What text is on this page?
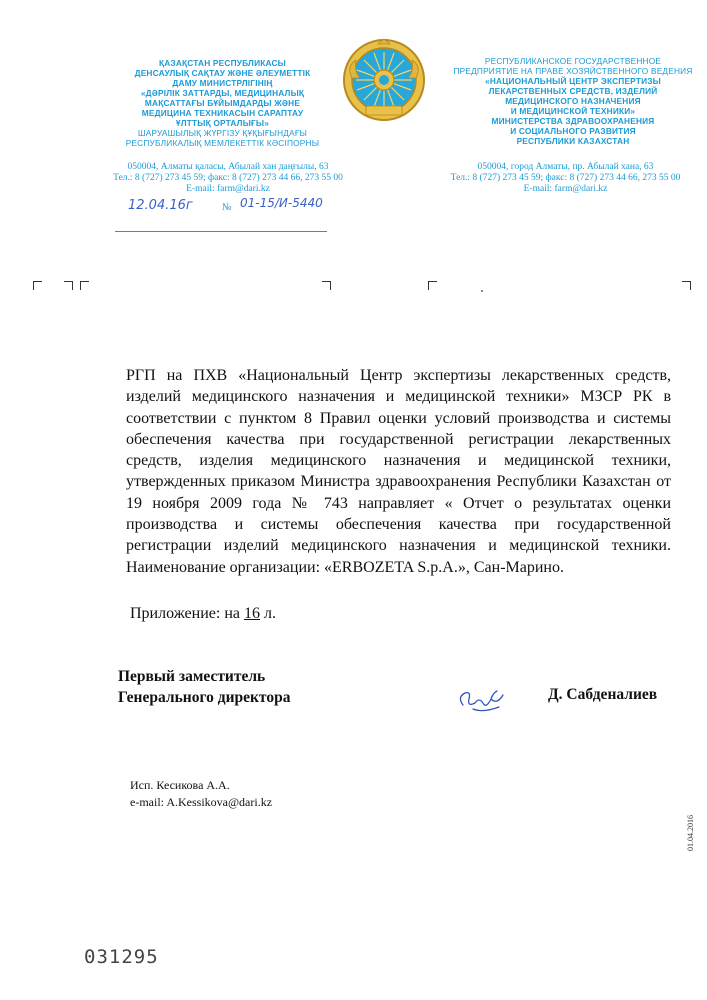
ҚАЗАҚСТАН РЕСПУБЛИКАСЫ
ДЕНСАУЛЫҚ САҚТАУ ЖӘНЕ ӘЛЕУМЕТТІК
ДАМУ МИНИСТРЛІГІНІҢ
«ДӘРІЛІК ЗАТТАРДЫ, МЕДИЦИНАЛЫҚ
МАҚСАТТАҒЫ БҰЙЫМДАРДЫ ЖӘНЕ
МЕДИЦИНА ТЕХНИКАСЫН САРАПТАУ
ҰЛТТЫҚ ОРТАЛЫҒЫ»
ШАРУАШЫЛЫҚ ЖҮРГІЗУ ҚҰҚЫҒЫНДАҒЫ
РЕСПУБЛИКАЛЫҚ МЕМЛЕКЕТТІК КӘСІПОРНЫ
РЕСПУБЛИКАНСКОЕ ГОСУДАРСТВЕННОЕ
ПРЕДПРИЯТИЕ НА ПРАВЕ ХОЗЯЙСТВЕННОГО ВЕДЕНИЯ
«НАЦИОНАЛЬНЫЙ ЦЕНТР ЭКСПЕРТИЗЫ
ЛЕКАРСТВЕННЫХ СРЕДСТВ, ИЗДЕЛИЙ
МЕДИЦИНСКОГО НАЗНАЧЕНИЯ
И МЕДИЦИНСКОЙ ТЕХНИКИ»
МИНИСТЕРСТВА ЗДРАВООХРАНЕНИЯ
И СОЦИАЛЬНОГО РАЗВИТИЯ
РЕСПУБЛИКИ КАЗАХСТАН
050004, Алматы қаласы, Абылай хан даңғылы, 63
Тел.: 8 (727) 273 45 59; факс: 8 (727) 273 44 66, 273 55 00
E-mail: farm@dari.kz
050004, город Алматы, пр. Абылай хана, 63
Тел.: 8 (727) 273 45 59; факс: 8 (727) 273 44 66, 273 55 00
E-mail: farm@dari.kz
12.04.16г	№ 01-15/И-5440

РГП на ПХВ «Национальный Центр экспертизы лекарственных средств, изделий медицинского назначения и медицинской техники» МЗСР РК в соответствии с пунктом 8 Правил оценки условий производства и системы обеспечения качества при государственной регистрации лекарственных средств, изделия медицинского назначения и медицинской техники, утвержденных приказом Министра здравоохранения Республики Казахстан от 19 ноября 2009 года № 743 направляет « Отчет о результатах оценки производства и системы обеспечения качества при государственной регистрации изделий медицинского назначения и медицинской техники. Наименование организации: «ERBOZETA S.p.A.», Сан-Марино.

Приложение: на 16 л.
Первый заместитель
Генерального директора	Д. Сабденалиев
Исп. Кесикова А.А.
e-mail: A.Kessikova@dari.kz
01.04.2016
031295
